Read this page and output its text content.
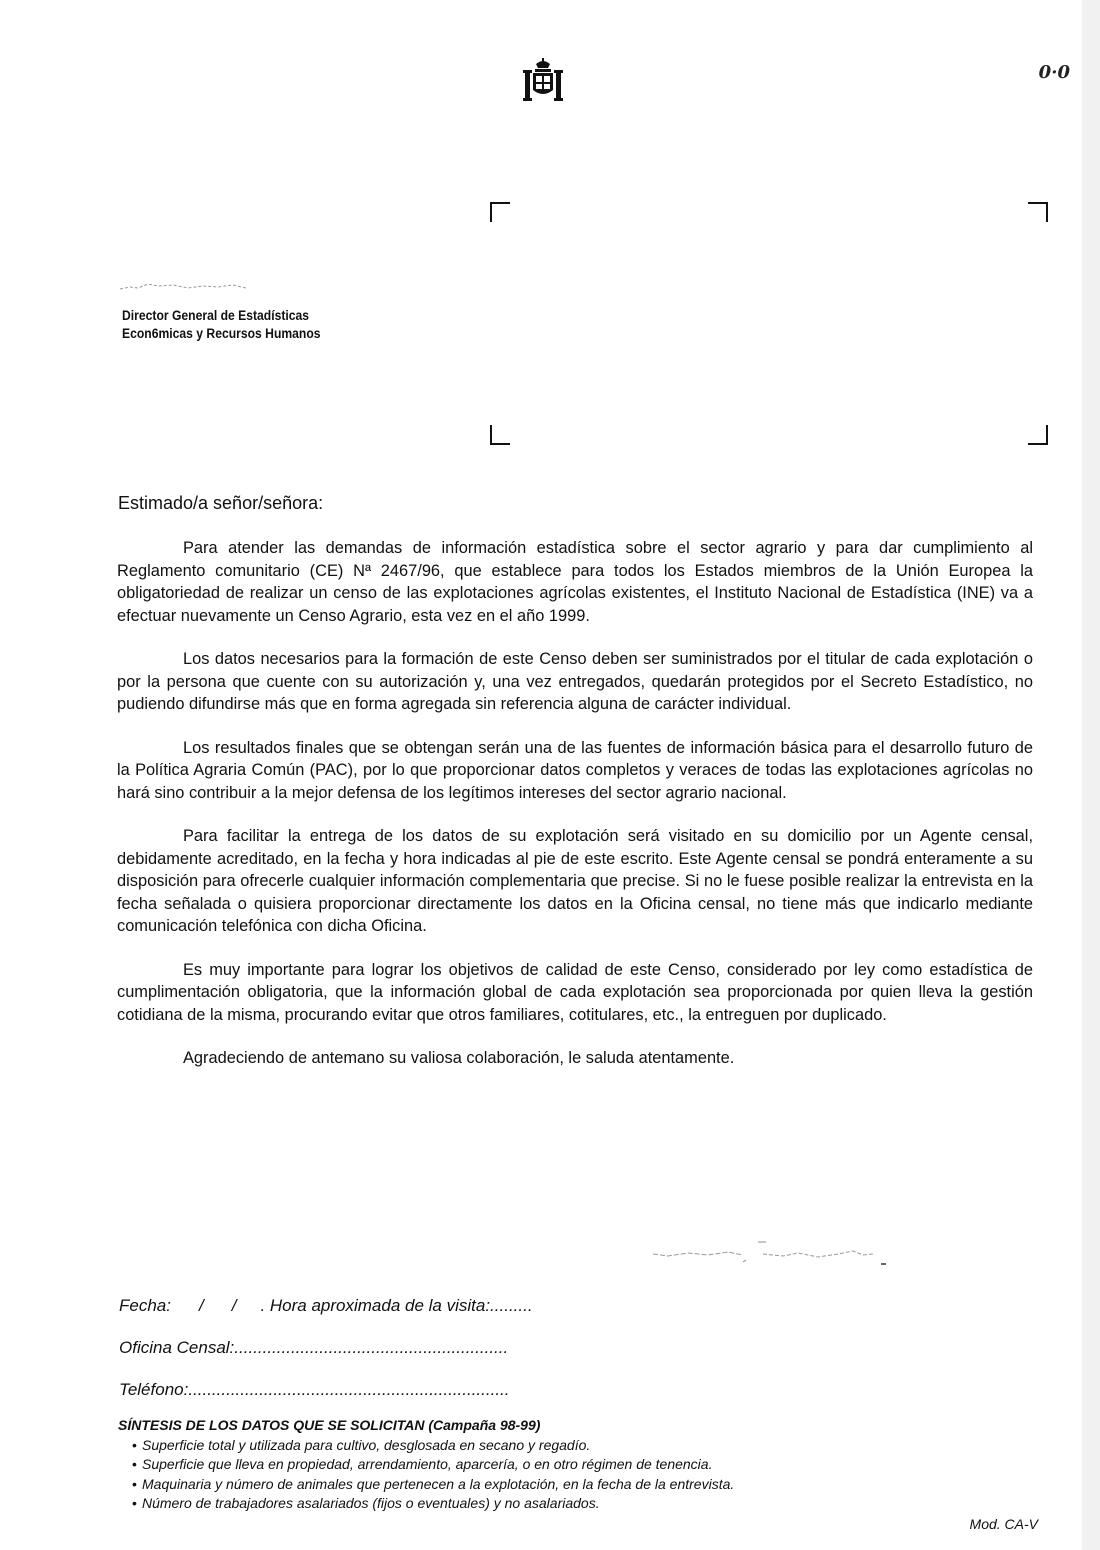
0·0
Director General de Estadísticas
Econ6micas y Recursos Humanos
Estimado/a señor/señora:

Para atender las demandas de información estadística sobre el sector agrario y para dar cumplimiento al Reglamento comunitario (CE) Nª 2467/96, que establece para todos los Estados miembros de la Unión Europea la obligatoriedad de realizar un censo de las explotaciones agrícolas existentes, el Instituto Nacional de Estadística (INE) va a efectuar nuevamente un Censo Agrario, esta vez en el año 1999.

Los datos necesarios para la formación de este Censo deben ser suministrados por el titular de cada explotación o por la persona que cuente con su autorización y, una vez entregados, quedarán protegidos por el Secreto Estadístico, no pudiendo difundirse más que en forma agregada sin referencia alguna de carácter individual.

Los resultados finales que se obtengan serán una de las fuentes de información básica para el desarrollo futuro de la Política Agraria Común (PAC), por lo que proporcionar datos completos y veraces de todas las explotaciones agrícolas no hará sino contribuir a la mejor defensa de los legítimos intereses del sector agrario nacional.

Para facilitar la entrega de los datos de su explotación será visitado en su domicilio por un Agente censal, debidamente acreditado, en la fecha y hora indicadas al pie de este escrito. Este Agente censal se pondrá enteramente a su disposición para ofrecerle cualquier información complementaria que precise. Si no le fuese posible realizar la entrevista en la fecha señalada o quisiera proporcionar directamente los datos en la Oficina censal, no tiene más que indicarlo mediante comunicación telefónica con dicha Oficina.

Es muy importante para lograr los objetivos de calidad de este Censo, considerado por ley como estadística de cumplimentación obligatoria, que la información global de cada explotación sea proporcionada por quien lleva la gestión cotidiana de la misma, procurando evitar que otros familiares, cotitulares, etc., la entreguen por duplicado.

Agradeciendo de antemano su valiosa colaboración, le saluda atentamente.

Fecha: / / . Hora aproximada de la visita:.........
Oficina Censal:..........................................................
Teléfono:....................................................................
SÍNTESIS DE LOS DATOS QUE SE SOLICITAN (Campaña 98-99)
• Superficie total y utilizada para cultivo, desglosada en secano y regadío.
• Superficie que lleva en propiedad, arrendamiento, aparcería, o en otro régimen de tenencia.
• Maquinaria y número de animales que pertenecen a la explotación, en la fecha de la entrevista.
• Número de trabajadores asalariados (fijos o eventuales) y no asalariados.
Mod. CA-V
